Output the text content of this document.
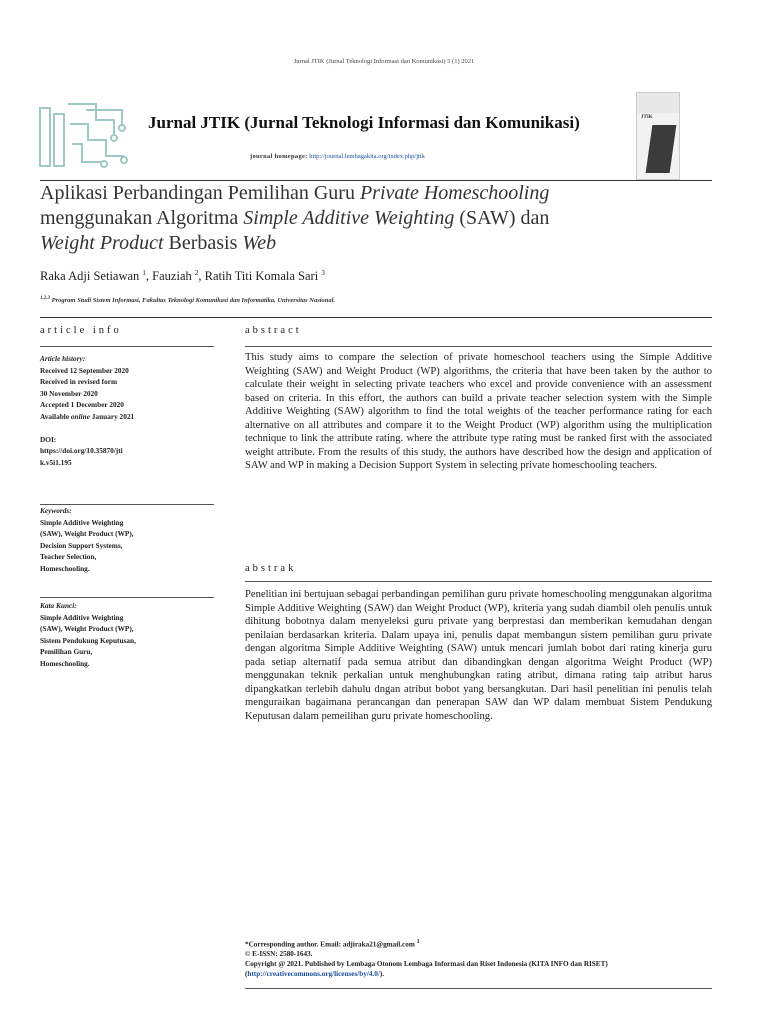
Jurnal JTIK (Jurnal Teknologi Informasi dan Komunikasi) 5 (1) 2021
Jurnal JTIK (Jurnal Teknologi Informasi dan Komunikasi)
journal homepage: http://journal.lembagakita.org/index.php/jtik
JTIK
Aplikasi Perbandingan Pemilihan Guru Private Homeschooling
menggunakan Algoritma Simple Additive Weighting (SAW) dan
Weight Product Berbasis Web
Raka Adji Setiawan $^1$, Fauziah $^2$, Ratih Titi Komala Sari $^3$
$^{1,2,3}$ Program Studi Sistem Informasi, Fakultas Teknologi Komunikasi dan Informatika, Universitas Nasional.
article info	abstract
Article history:
Received 12 September 2020
Received in revised form
30 November 2020
Accepted 1 December 2020
Available online January 2021
DOI:
https://doi.org/10.35870/jti
k.v5i1.195
Keywords:
Simple Additive Weighting
(SAW), Weight Product (WP),
Decision Support Systems,
Teacher Selection,
Homeschooling.
Kata Kunci:
Simple Additive Weighting
(SAW), Weight Product (WP),
Sistem Pendukung Keputusan,
Pemilihan Guru,
Homeschooling.
This study aims to compare the selection of private homeschool teachers using the Simple Additive Weighting (SAW) and Weight Product (WP) algorithms, the criteria that have been taken by the author to calculate their weight in selecting private teachers who excel and provide convenience with an assessment based on criteria. In this effort, the authors can build a private teacher selection system with the Simple Additive Weighting (SAW) algorithm to find the total weights of the teacher performance rating for each alternative on all attributes and compare it to the Weight Product (WP) algorithm using the multiplication technique to link the attribute rating. where the attribute type rating must be ranked first with the associated weight attribute. From the results of this study, the authors have described how the design and application of SAW and WP in making a Decision Support System in selecting private homeschooling teachers.
abstrak
Penelitian ini bertujuan sebagai perbandingan pemilihan guru private homeschooling menggunakan algoritma Simple Additive Weighting (SAW) dan Weight Product (WP), kriteria yang sudah diambil oleh penulis untuk dihitung bobotnya dalam menyeleksi guru private yang berprestasi dan memberikan kemudahan dengan penilaian berdasarkan kriteria. Dalam upaya ini, penulis dapat membangun sistem pemilihan guru private dengan algoritma Simple Additive Weighting (SAW) untuk mencari jumlah bobot dari rating kinerja guru pada setiap alternatif pada semua atribut dan dibandingkan dengan algoritma Weight Product (WP) menggunakan teknik perkalian untuk menghubungkan rating atribut, dimana rating taip atribut harus dipangkatkan terlebih dahulu dngan atribut bobot yang bersangkutan. Dari hasil penelitian ini penulis telah menguraikan bagaimana perancangan dan penerapan SAW dan WP dalam membuat Sistem Pendukung Keputusan dalam pemeilihan guru private homeschooling.
*Corresponding author. Email: adjiraka21@gmail.com $^1$
© E-ISSN: 2580-1643.
Copyright @ 2021. Published by Lembaga Otonom Lembaga Informasi dan Riset Indonesia (KITA INFO dan RISET)
(http://creativecommons.org/licenses/by/4.0/).
